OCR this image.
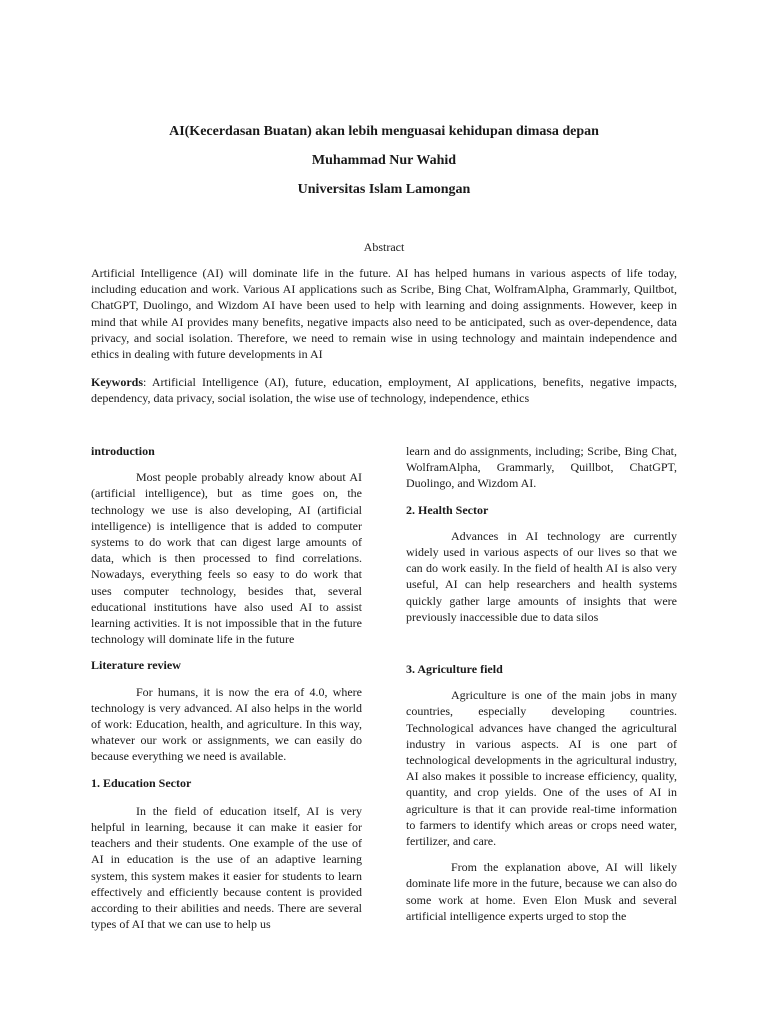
AI(Kecerdasan Buatan) akan lebih menguasai kehidupan dimasa depan
Muhammad Nur Wahid
Universitas Islam Lamongan
Abstract
Artificial Intelligence (AI) will dominate life in the future. AI has helped humans in various aspects of life today, including education and work. Various AI applications such as Scribe, Bing Chat, WolframAlpha, Grammarly, Quiltbot, ChatGPT, Duolingo, and Wizdom AI have been used to help with learning and doing assignments. However, keep in mind that while AI provides many benefits, negative impacts also need to be anticipated, such as over-dependence, data privacy, and social isolation. Therefore, we need to remain wise in using technology and maintain independence and ethics in dealing with future developments in AI
Keywords: Artificial Intelligence (AI), future, education, employment, AI applications, benefits, negative impacts, dependency, data privacy, social isolation, the wise use of technology, independence, ethics

introduction

Most people probably already know about AI (artificial intelligence), but as time goes on, the technology we use is also developing, AI (artificial intelligence) is intelligence that is added to computer systems to do work that can digest large amounts of data, which is then processed to find correlations. Nowadays, everything feels so easy to do work that uses computer technology, besides that, several educational institutions have also used AI to assist learning activities. It is not impossible that in the future technology will dominate life in the future

Literature review

For humans, it is now the era of 4.0, where technology is very advanced. AI also helps in the world of work: Education, health, and agriculture. In this way, whatever our work or assignments, we can easily do because everything we need is available.

1. Education Sector

In the field of education itself, AI is very helpful in learning, because it can make it easier for teachers and their students. One example of the use of AI in education is the use of an adaptive learning system, this system makes it easier for students to learn effectively and efficiently because content is provided according to their abilities and needs. There are several types of AI that we can use to help us

learn and do assignments, including; Scribe, Bing Chat, WolframAlpha, Grammarly, Quillbot, ChatGPT, Duolingo, and Wizdom AI.

2. Health Sector

Advances in AI technology are currently widely used in various aspects of our lives so that we can do work easily. In the field of health AI is also very useful, AI can help researchers and health systems quickly gather large amounts of insights that were previously inaccessible due to data silos

3. Agriculture field

Agriculture is one of the main jobs in many countries, especially developing countries. Technological advances have changed the agricultural industry in various aspects. AI is one part of technological developments in the agricultural industry, AI also makes it possible to increase efficiency, quality, quantity, and crop yields. One of the uses of AI in agriculture is that it can provide real-time information to farmers to identify which areas or crops need water, fertilizer, and care.

From the explanation above, AI will likely dominate life more in the future, because we can also do some work at home. Even Elon Musk and several artificial intelligence experts urged to stop the
